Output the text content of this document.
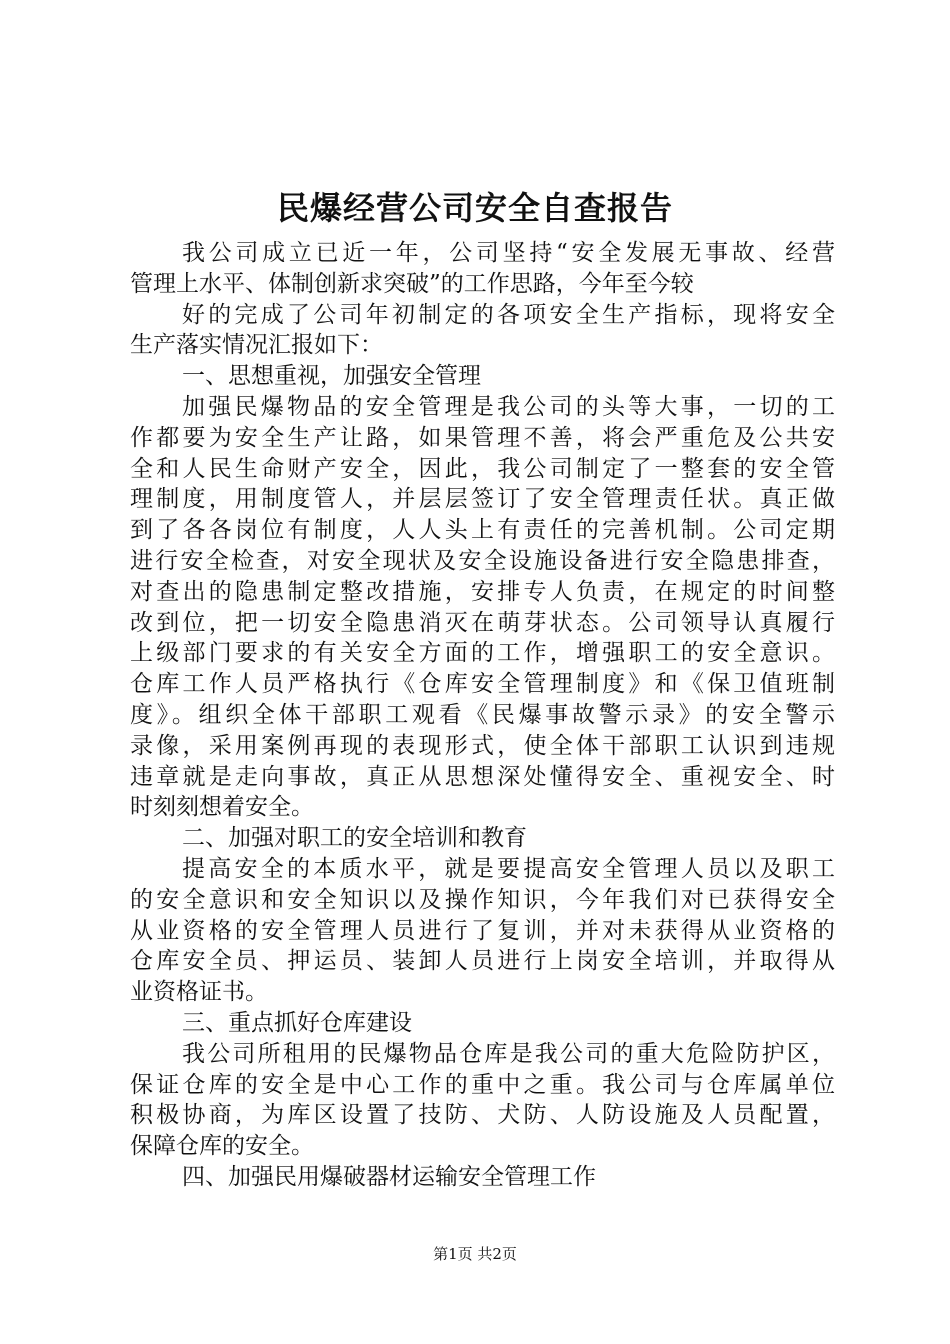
民爆经营公司安全自查报告
我公司成立已近一年，公司坚持“安全发展无事故、经营
管理上水平、体制创新求突破”的工作思路，今年至今较
好的完成了公司年初制定的各项安全生产指标，现将安全
生产落实情况汇报如下：
一、思想重视，加强安全管理
加强民爆物品的安全管理是我公司的头等大事，一切的工
作都要为安全生产让路，如果管理不善，将会严重危及公共安
全和人民生命财产安全，因此，我公司制定了一整套的安全管
理制度，用制度管人，并层层签订了安全管理责任状。真正做
到了各各岗位有制度，人人头上有责任的完善机制。公司定期
进行安全检查，对安全现状及安全设施设备进行安全隐患排查，
对查出的隐患制定整改措施，安排专人负责，在规定的时间整
改到位，把一切安全隐患消灭在萌芽状态。公司领导认真履行
上级部门要求的有关安全方面的工作，增强职工的安全意识。
仓库工作人员严格执行《仓库安全管理制度》和《保卫值班制
度》。组织全体干部职工观看《民爆事故警示录》的安全警示
录像，采用案例再现的表现形式，使全体干部职工认识到违规
违章就是走向事故，真正从思想深处懂得安全、重视安全、时
时刻刻想着安全。
二、加强对职工的安全培训和教育
提高安全的本质水平，就是要提高安全管理人员以及职工
的安全意识和安全知识以及操作知识，今年我们对已获得安全
从业资格的安全管理人员进行了复训，并对未获得从业资格的
仓库安全员、押运员、装卸人员进行上岗安全培训，并取得从
业资格证书。
三、重点抓好仓库建设
我公司所租用的民爆物品仓库是我公司的重大危险防护区，
保证仓库的安全是中心工作的重中之重。我公司与仓库属单位
积极协商，为库区设置了技防、犬防、人防设施及人员配置，
保障仓库的安全。
四、加强民用爆破器材运输安全管理工作
第1页 共2页
